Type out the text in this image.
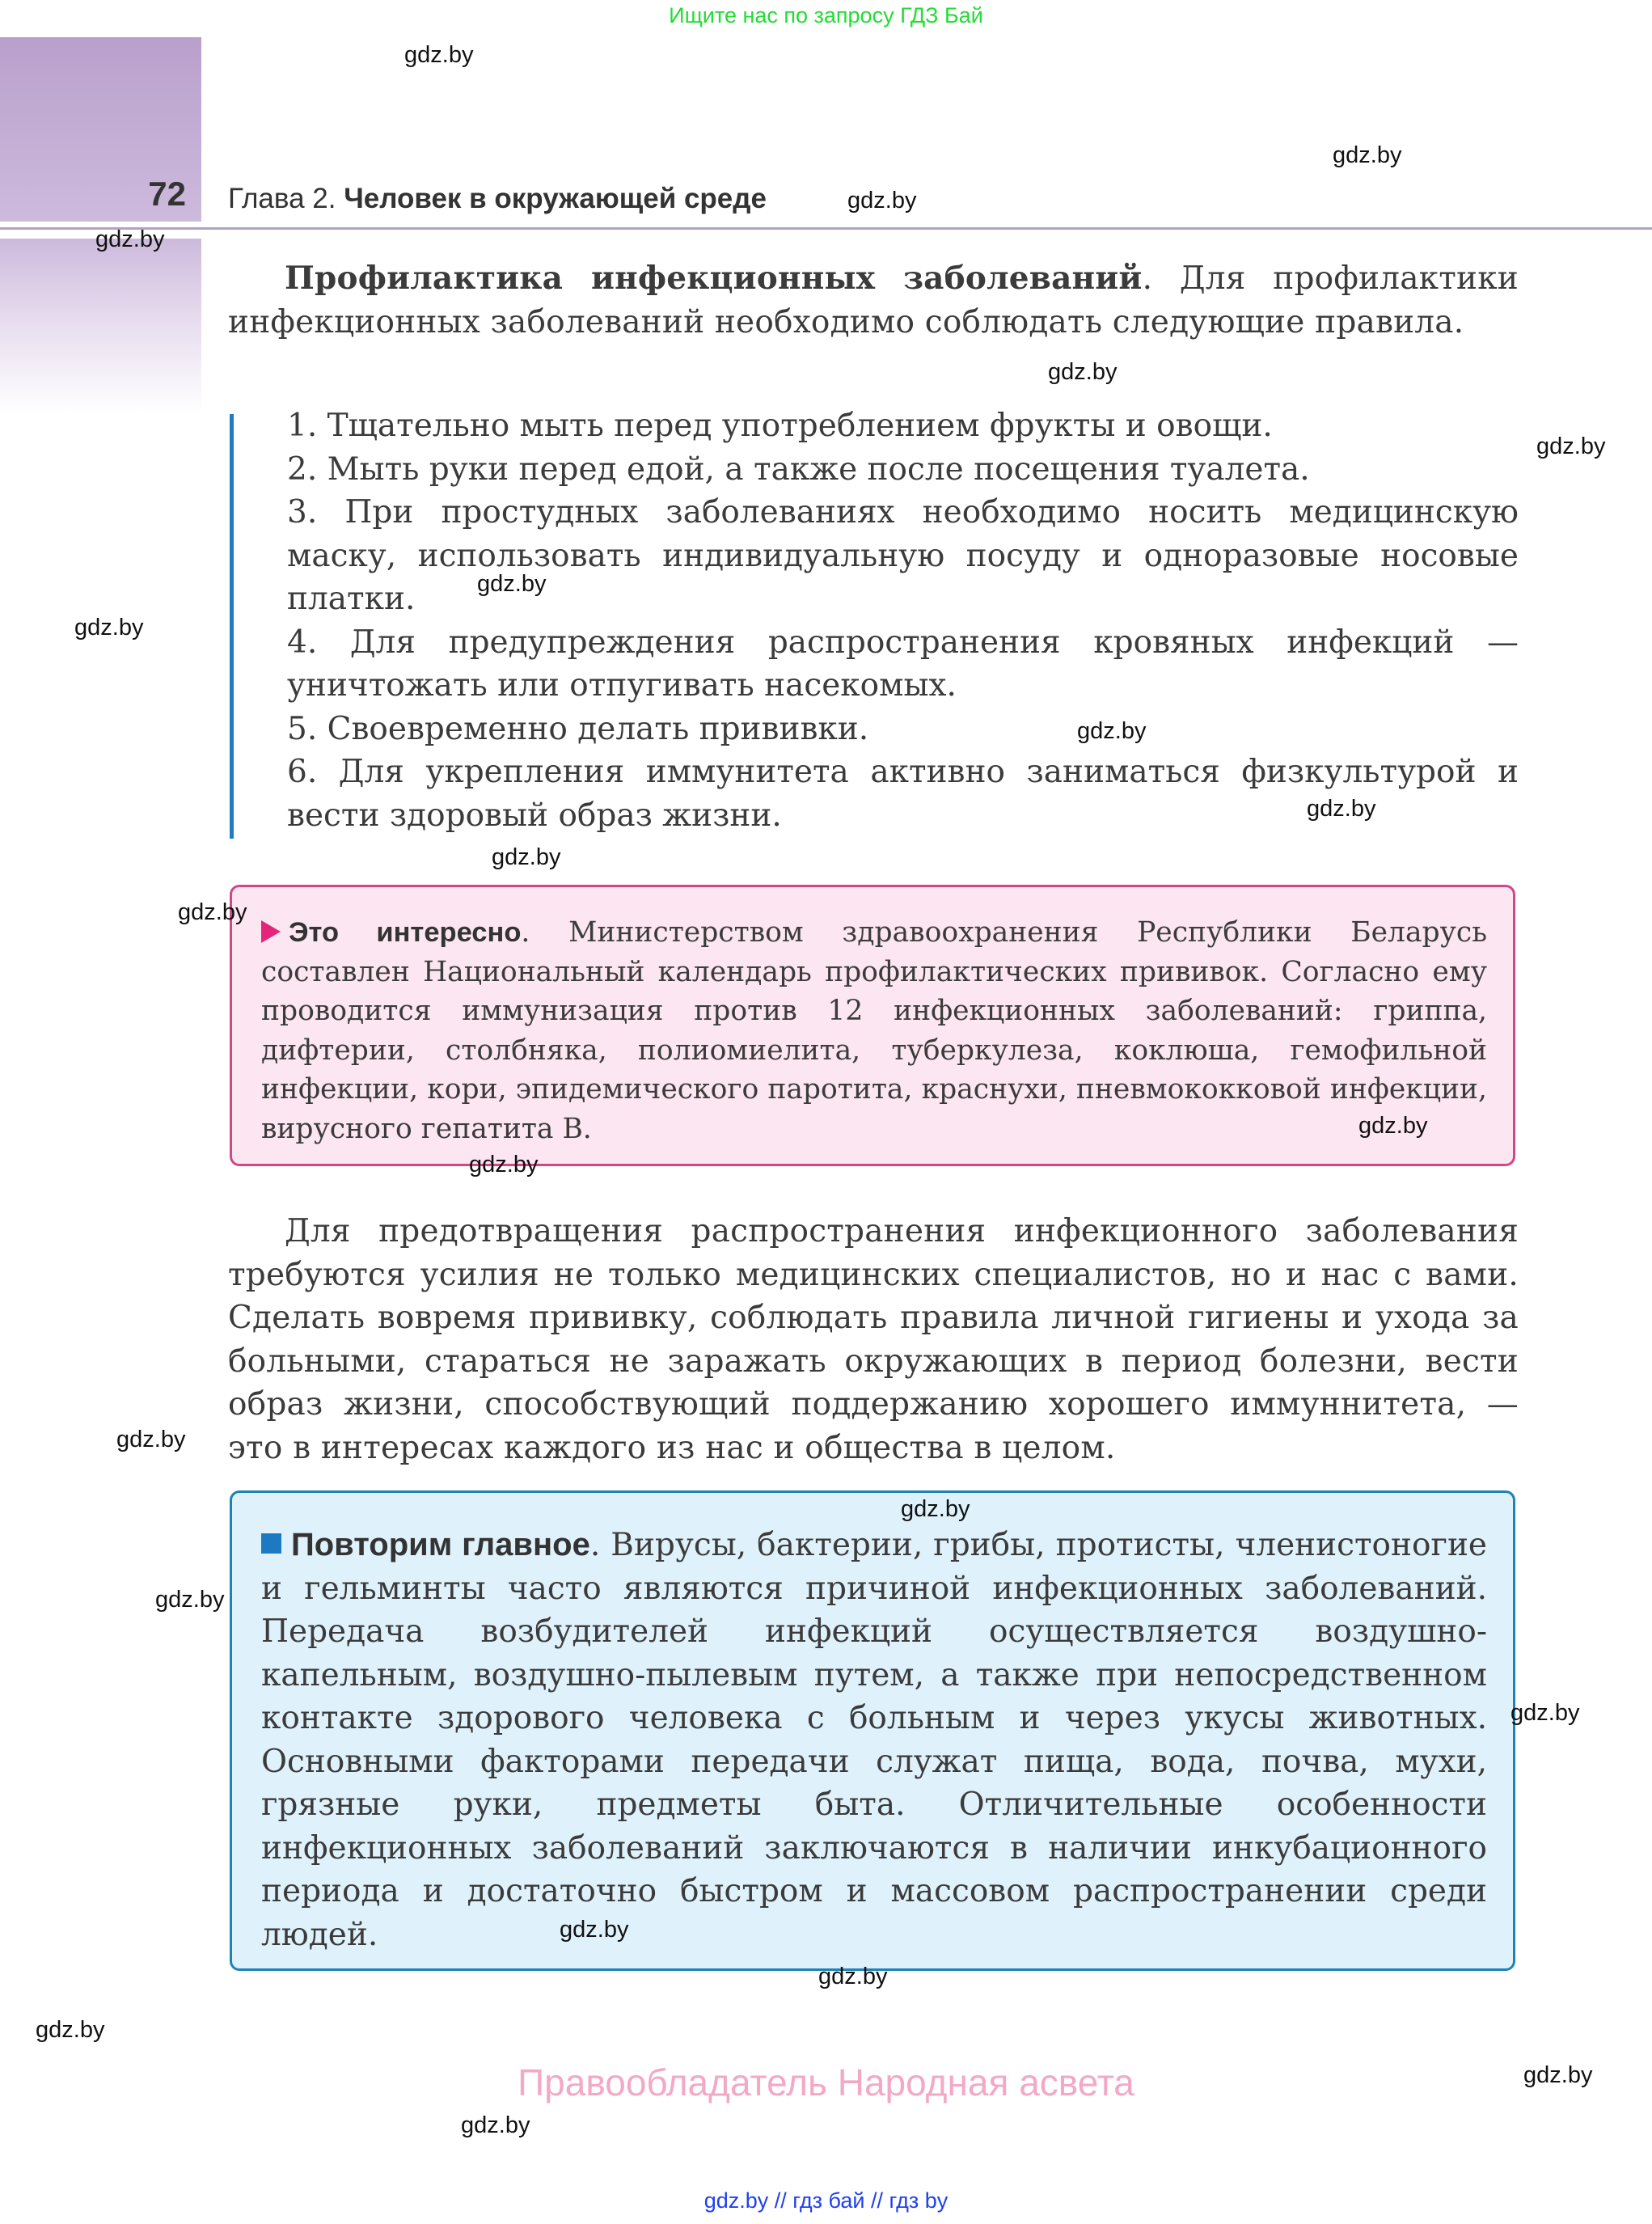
Ищите нас по запросу ГДЗ Бай
72 Глава 2. Человек в окружающей среде
Профилактика инфекционных заболеваний. Для профилактики инфекционных заболеваний необходимо соблюдать следующие правила.
1. Тщательно мыть перед употреблением фрукты и овощи.
2. Мыть руки перед едой, а также после посещения туалета.
3. При простудных заболеваниях необходимо носить медицинскую маску, использовать индивидуальную посуду и одноразовые носовые платки.
4. Для предупреждения распространения кровяных инфекций — уничтожать или отпугивать насекомых.
5. Своевременно делать прививки.
6. Для укрепления иммунитета активно заниматься физкультурой и вести здоровый образ жизни.
Это интересно. Министерством здравоохранения Республики Беларусь составлен Национальный календарь профилактических прививок. Согласно ему проводится иммунизация против 12 инфекционных заболеваний: гриппа, дифтерии, столбняка, полиомиелита, туберкулеза, коклюша, гемофильной инфекции, кори, эпидемического паротита, краснухи, пневмококковой инфекции, вирусного гепатита В.
Для предотвращения распространения инфекционного заболевания требуются усилия не только медицинских специалистов, но и нас с вами. Сделать вовремя прививку, соблюдать правила личной гигиены и ухода за больными, стараться не заражать окружающих в период болезни, вести образ жизни, способствующий поддержанию хорошего иммуннитета, — это в интересах каждого из нас и общества в целом.
Повторим главное. Вирусы, бактерии, грибы, протисты, членистоногие и гельминты часто являются причиной инфекционных заболеваний. Передача возбудителей инфекций осуществляется воздушно-капельным, воздушно-пылевым путем, а также при непосредственном контакте здорового человека с больным и через укусы животных. Основными факторами передачи служат пища, вода, почва, мухи, грязные руки, предметы быта. Отличительные особенности инфекционных заболеваний заключаются в наличии инкубационного периода и достаточно быстром и массовом распространении среди людей.
Правообладатель Народная асвета
gdz.by // гдз бай // гдз by
gdz.by
gdz.by
gdz.by
gdz.by
gdz.by
gdz.by
gdz.by
gdz.by
gdz.by
gdz.by
gdz.by
gdz.by
gdz.by
gdz.by
gdz.by
gdz.by
gdz.by
gdz.by
gdz.by
gdz.by
gdz.by
gdz.by
gdz.by
